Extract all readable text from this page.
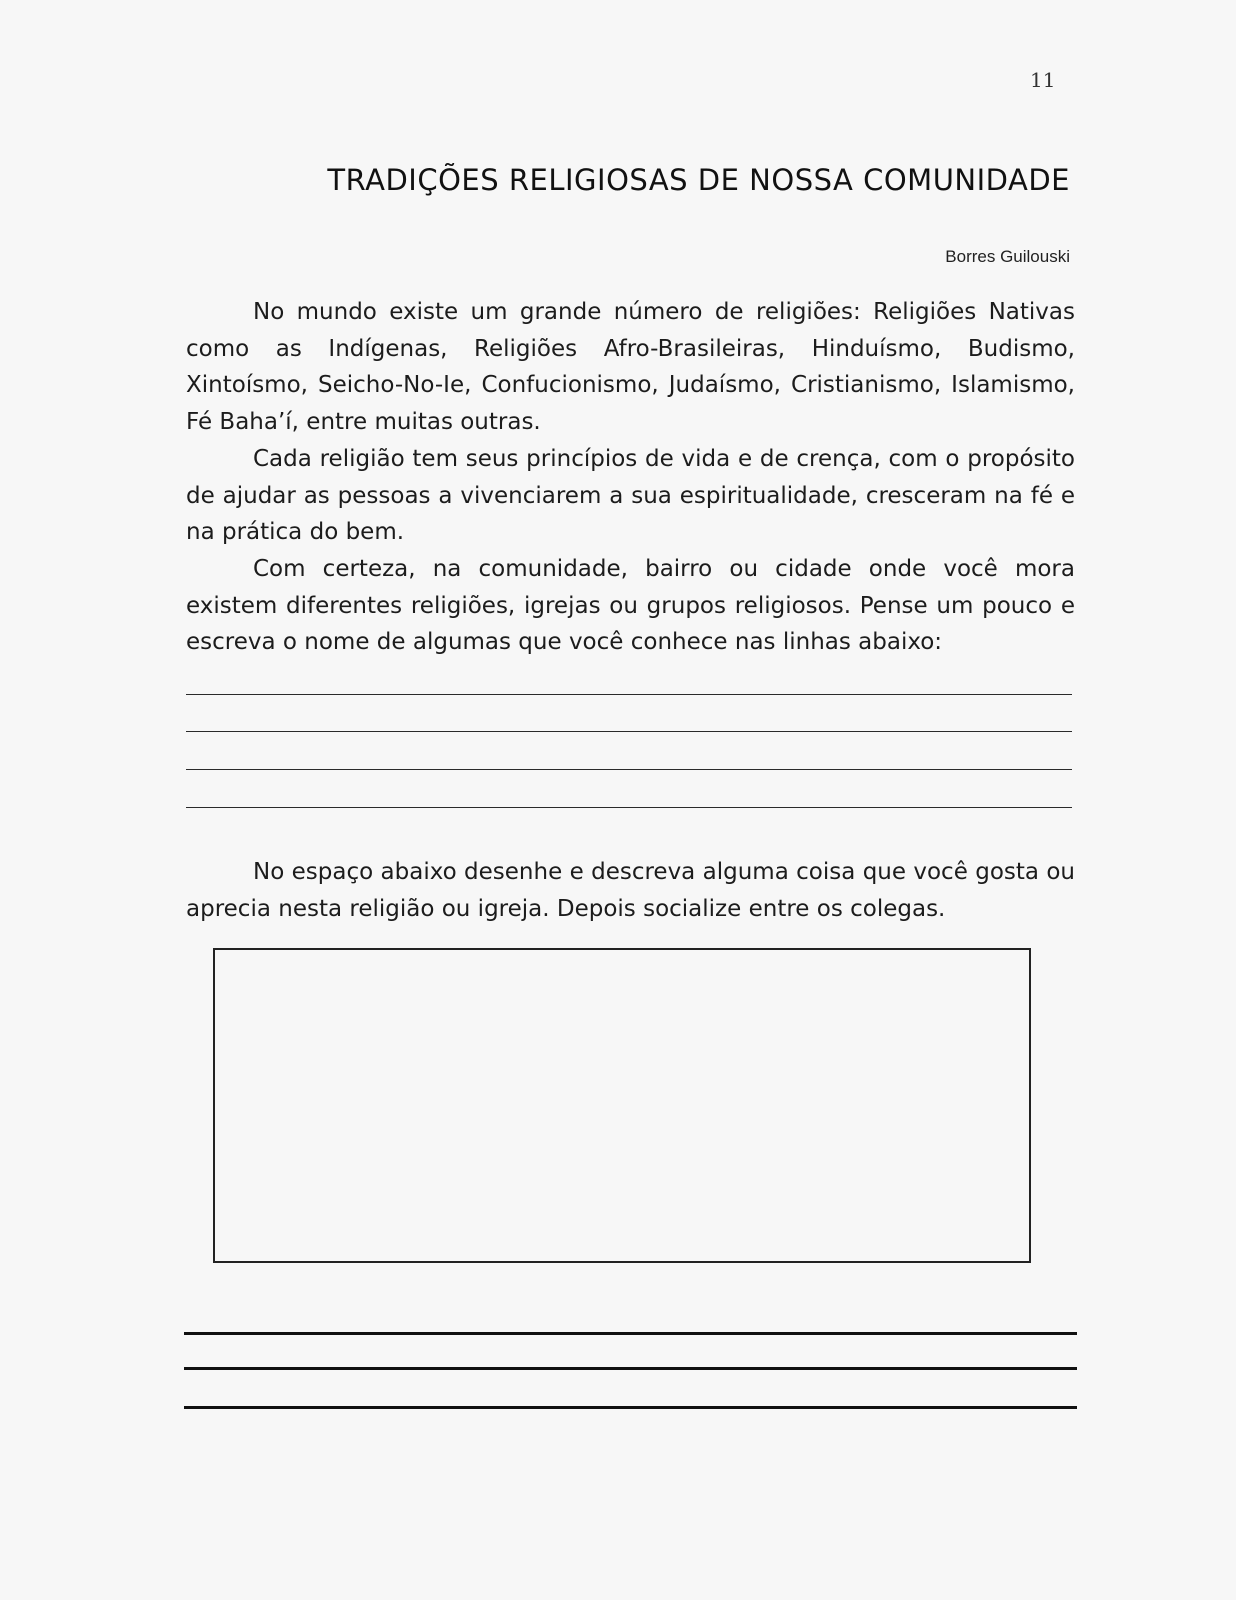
11
TRADIÇÕES RELIGIOSAS DE NOSSA COMUNIDADE
Borres Guilouski

No mundo existe um grande número de religiões: Religiões Nativas como as Indígenas, Religiões Afro-Brasileiras, Hinduísmo, Budismo, Xintoísmo, Seicho-No-Ie, Confucionismo, Judaísmo, Cristianismo, Islamismo, Fé Baha’í, entre muitas outras.

Cada religião tem seus princípios de vida e de crença, com o propósito de ajudar as pessoas a vivenciarem a sua espiritualidade, cresceram na fé e na prática do bem.

Com certeza, na comunidade, bairro ou cidade onde você mora existem diferentes religiões, igrejas ou grupos religiosos. Pense um pouco e escreva o nome de algumas que você conhece nas linhas abaixo:

No espaço abaixo desenhe e descreva alguma coisa que você gosta ou aprecia nesta religião ou igreja. Depois socialize entre os colegas.
